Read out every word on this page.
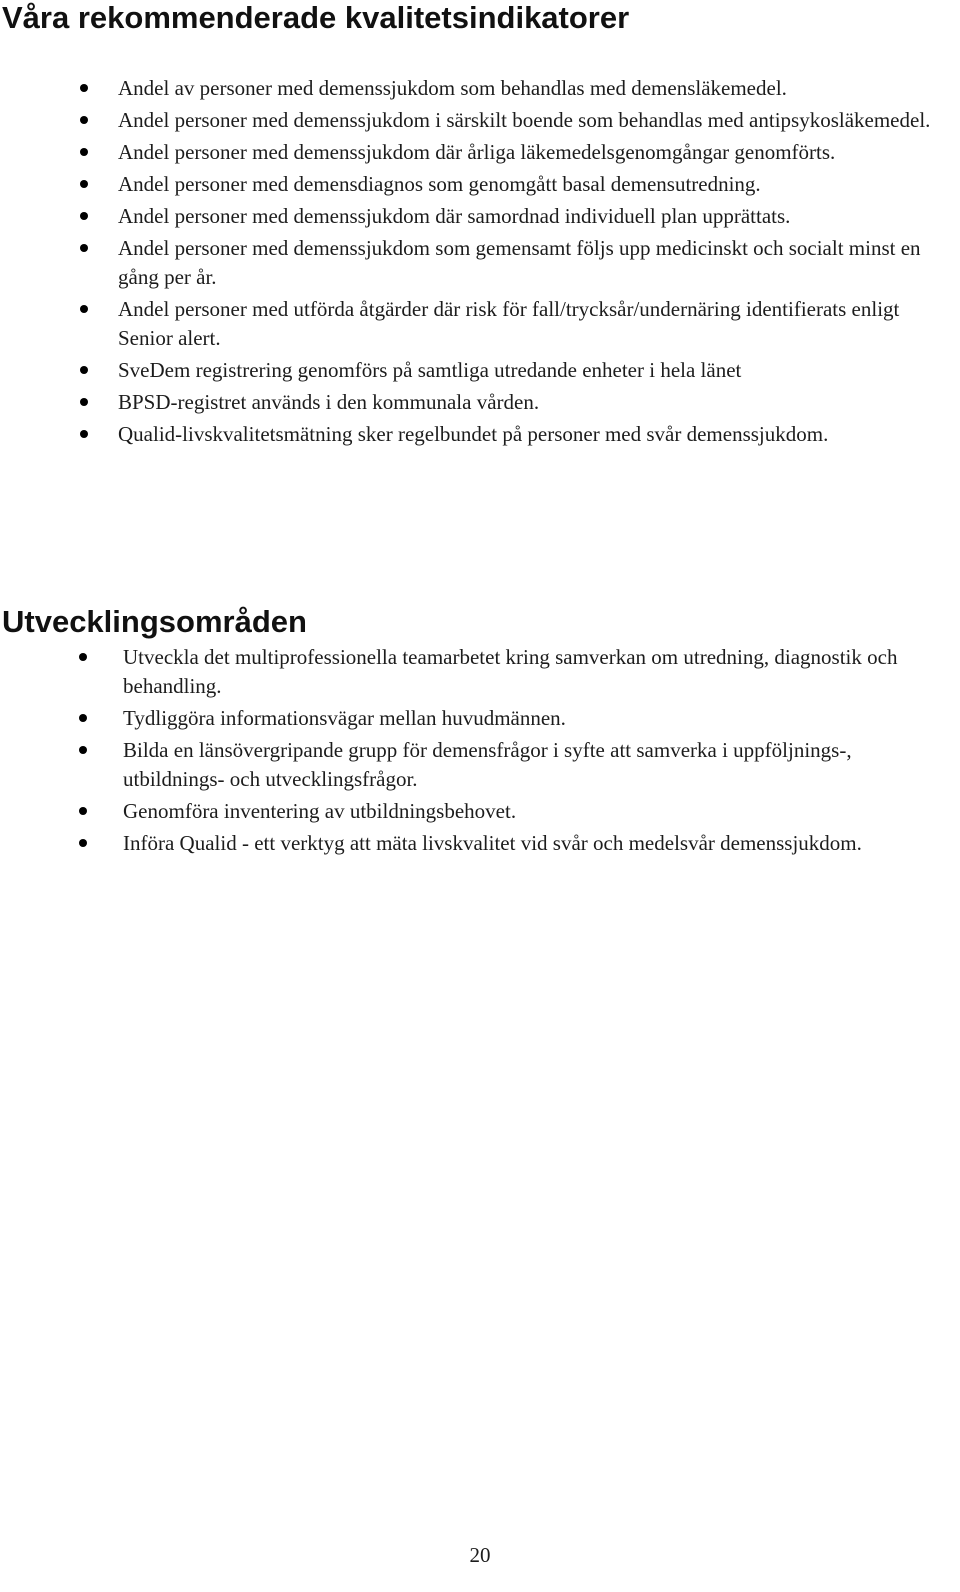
Våra rekommenderade kvalitetsindikatorer
Andel av personer med demenssjukdom som behandlas med demensläkemedel.
Andel personer med demenssjukdom i särskilt boende som behandlas med antipsykosläkemedel.
Andel personer med demenssjukdom där årliga läkemedelsgenomgångar genomförts.
Andel personer med demensdiagnos som genomgått basal demensutredning.
Andel personer med demenssjukdom där samordnad individuell plan upprättats.
Andel personer med demenssjukdom som gemensamt följs upp medicinskt och socialt minst en gång per år.
Andel personer med utförda åtgärder där risk för fall/trycksår/undernäring identifierats enligt Senior alert.
SveDem registrering genomförs på samtliga utredande enheter i hela länet
BPSD-registret används i den kommunala vården.
Qualid-livskvalitetsmätning sker regelbundet på personer med svår demenssjukdom.
Utvecklingsområden
Utveckla det multiprofessionella teamarbetet kring samverkan om utredning, diagnostik och behandling.
Tydliggöra informationsvägar mellan huvudmännen.
Bilda en länsövergripande grupp för demensfrågor i syfte att samverka i uppföljnings-, utbildnings- och utvecklingsfrågor.
Genomföra inventering av utbildningsbehovet.
Införa Qualid - ett verktyg att mäta livskvalitet vid svår och medelsvår demenssjukdom.
20
